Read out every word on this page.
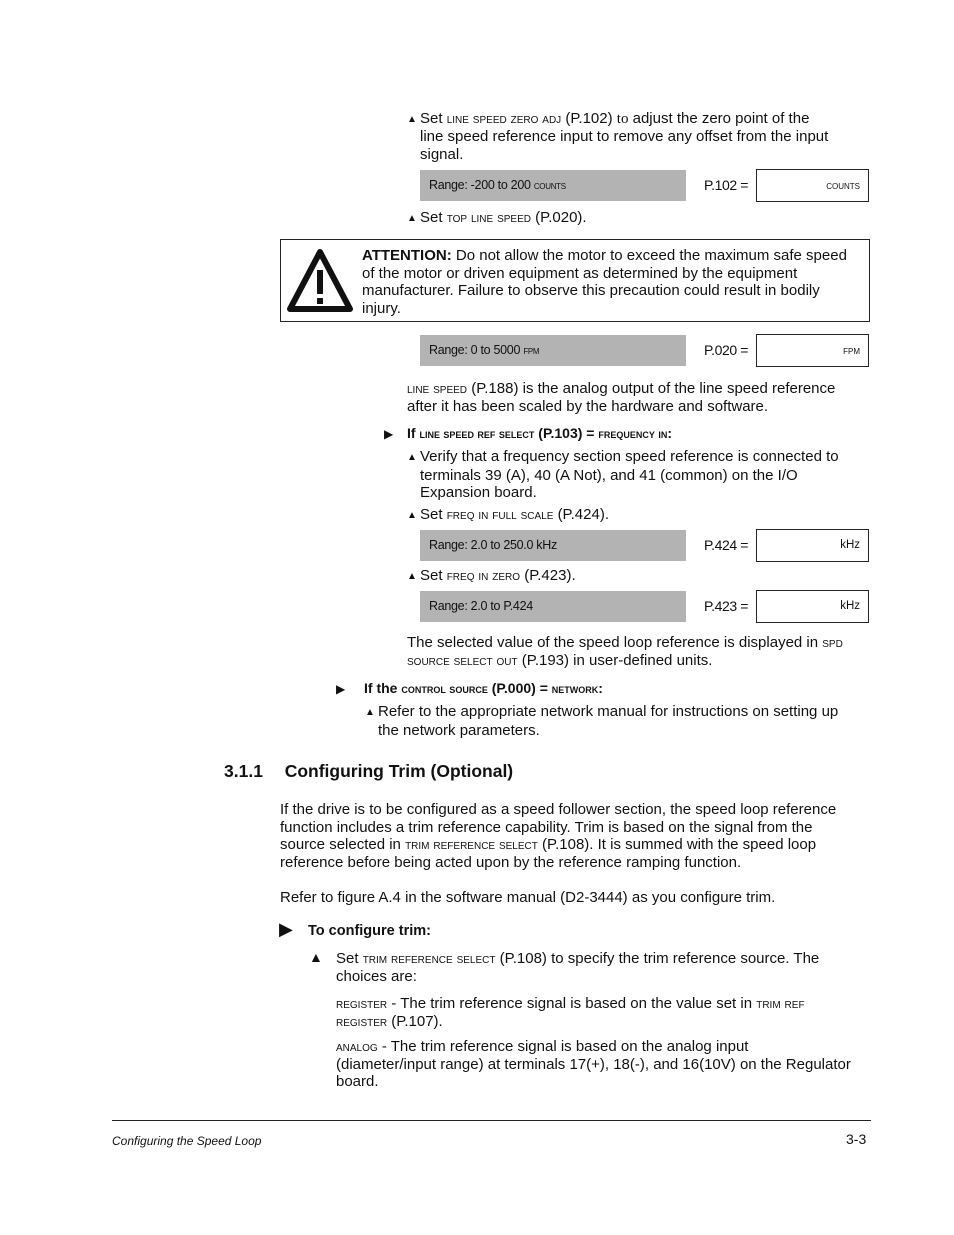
▲ Set line speed zero adj (P.102) to adjust the zero point of the
line speed reference input to remove any offset from the input
signal.
Range: -200 to 200 counts	P.102 =	counts
▲ Set top line speed (P.020).
ATTENTION: Do not allow the motor to exceed the maximum safe speed
of the motor or driven equipment as determined by the equipment
manufacturer. Failure to observe this precaution could result in bodily
injury.
Range: 0 to 5000 fpm	P.020 =	fpm
line speed (P.188) is the analog output of the line speed reference
after it has been scaled by the hardware and software.
▶ If line speed ref select (P.103) = frequency in:
▲ Verify that a frequency section speed reference is connected to
terminals 39 (A), 40 (A Not), and 41 (common) on the I/O
Expansion board.
▲ Set freq in full scale (P.424).
Range: 2.0 to 250.0 kHz	P.424 =	kHz
▲ Set freq in zero (P.423).
Range: 2.0 to P.424	P.423 =	kHz
The selected value of the speed loop reference is displayed in spd
source select out (P.193) in user-defined units.
▶ If the control source (P.000) = network:
▲ Refer to the appropriate network manual for instructions on setting up
the network parameters.
3.1.1 Configuring Trim (Optional)
If the drive is to be configured as a speed follower section, the speed loop reference
function includes a trim reference capability. Trim is based on the signal from the
source selected in trim reference select (P.108). It is summed with the speed loop
reference before being acted upon by the reference ramping function.
Refer to figure A.4 in the software manual (D2-3444) as you configure trim.
▶ To configure trim:
▲ Set trim reference select (P.108) to specify the trim reference source. The
choices are:
register - The trim reference signal is based on the value set in trim ref
register (P.107).
analog - The trim reference signal is based on the analog input
(diameter/input range) at terminals 17(+), 18(-), and 16(10V) on the Regulator
board.
Configuring the Speed Loop	3-3
